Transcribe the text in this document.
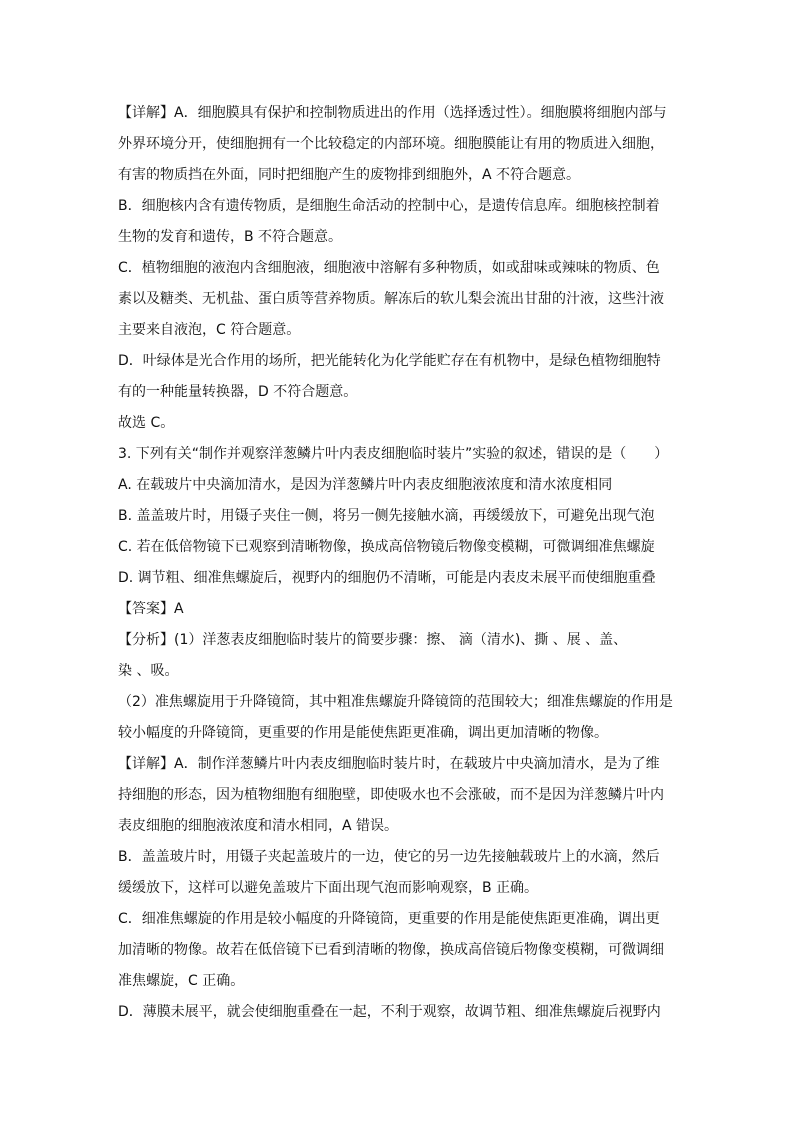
【详解】A．细胞膜具有保护和控制物质进出的作用（选择透过性）。细胞膜将细胞内部与

外界环境分开，使细胞拥有一个比较稳定的内部环境。细胞膜能让有用的物质进入细胞，

有害的物质挡在外面，同时把细胞产生的废物排到细胞外，A 不符合题意。

B．细胞核内含有遗传物质，是细胞生命活动的控制中心，是遗传信息库。细胞核控制着

生物的发育和遗传，B 不符合题意。

C．植物细胞的液泡内含细胞液，细胞液中溶解有多种物质，如或甜味或辣味的物质、色

素以及糖类、无机盐、蛋白质等营养物质。解冻后的软儿梨会流出甘甜的汁液，这些汁液

主要来自液泡，C 符合题意。

D．叶绿体是光合作用的场所，把光能转化为化学能贮存在有机物中，是绿色植物细胞特

有的一种能量转换器，D 不符合题意。

故选 C。

3. 下列有关“制作并观察洋葱鳞片叶内表皮细胞临时装片”实验的叙述，错误的是（　　）

A. 在载玻片中央滴加清水，是因为洋葱鳞片叶内表皮细胞液浓度和清水浓度相同

B. 盖盖玻片时，用镊子夹住一侧，将另一侧先接触水滴，再缓缓放下，可避免出现气泡

C. 若在低倍物镜下已观察到清晰物像，换成高倍物镜后物像变模糊，可微调细准焦螺旋

D. 调节粗、细准焦螺旋后，视野内的细胞仍不清晰，可能是内表皮未展平而使细胞重叠

【答案】A

【分析】(1）洋葱表皮细胞临时装片的简要步骤：擦、 滴（清水)、撕 、展 、盖、

染 、吸。

（2）准焦螺旋用于升降镜筒，其中粗准焦螺旋升降镜筒的范围较大；细准焦螺旋的作用是

较小幅度的升降镜筒，更重要的作用是能使焦距更准确，调出更加清晰的物像。

【详解】A．制作洋葱鳞片叶内表皮细胞临时装片时，在载玻片中央滴加清水，是为了维

持细胞的形态，因为植物细胞有细胞壁，即使吸水也不会涨破，而不是因为洋葱鳞片叶内

表皮细胞的细胞液浓度和清水相同，A 错误。

B．盖盖玻片时，用镊子夹起盖玻片的一边，使它的另一边先接触载玻片上的水滴，然后

缓缓放下，这样可以避免盖玻片下面出现气泡而影响观察，B 正确。

C．细准焦螺旋的作用是较小幅度的升降镜筒，更重要的作用是能使焦距更准确，调出更

加清晰的物像。故若在低倍镜下已看到清晰的物像，换成高倍镜后物像变模糊，可微调细

准焦螺旋，C 正确。

D．薄膜未展平，就会使细胞重叠在一起，不利于观察，故调节粗、细准焦螺旋后视野内
